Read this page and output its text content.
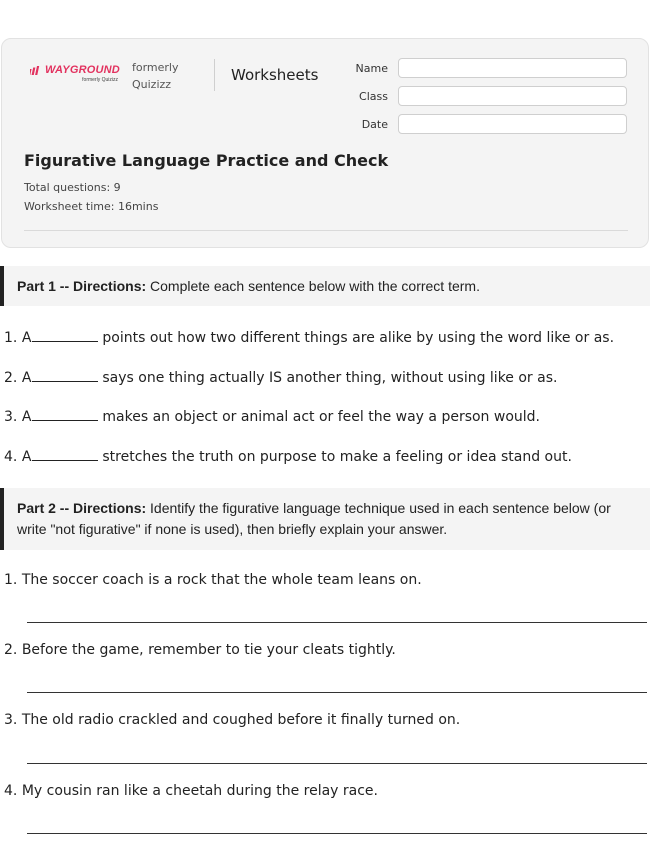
WAYGROUND
formerly Quizizz
formerly
Quizizz
Worksheets	Name
Class
Date
Figurative Language Practice and Check
Total questions: 9
Worksheet time: 16mins
Part 1 -- Directions: Complete each sentence below with the correct term.
1. A	points out how two different things are alike by using the word like or as.
2. A	says one thing actually IS another thing, without using like or as.
3. A	makes an object or animal act or feel the way a person would.
4. A	stretches the truth on purpose to make a feeling or idea stand out.
Part 2 -- Directions: Identify the figurative language technique used in each sentence below (or write "not figurative" if none is used), then briefly explain your answer.
1. The soccer coach is a rock that the whole team leans on.
2. Before the game, remember to tie your cleats tightly.
3. The old radio crackled and coughed before it finally turned on.
4. My cousin ran like a cheetah during the relay race.
